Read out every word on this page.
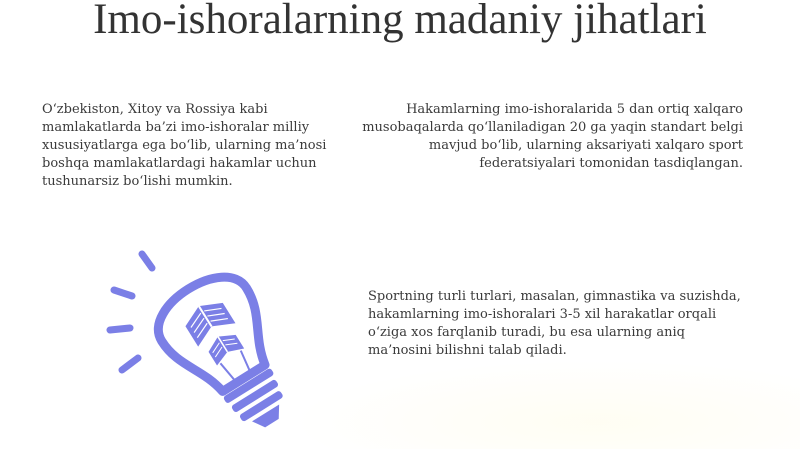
Imo-ishoralarning madaniy jihatlari

O‘zbekiston, Xitoy va Rossiya kabi mamlakatlarda ba’zi imo-ishoralar milliy xususiyatlarga ega bo‘lib, ularning ma’nosi boshqa mamlakatlardagi hakamlar uchun tushunarsiz bo‘lishi mumkin.

Hakamlarning imo-ishoralarida 5 dan ortiq xalqaro musobaqalarda qo‘llaniladigan 20 ga yaqin standart belgi mavjud bo‘lib, ularning aksariyati xalqaro sport federatsiyalari tomonidan tasdiqlangan.

Sportning turli turlari, masalan, gimnastika va suzishda, hakamlarning imo-ishoralari 3-5 xil harakatlar orqali o‘ziga xos farqlanib turadi, bu esa ularning aniq ma’nosini bilishni talab qiladi.
